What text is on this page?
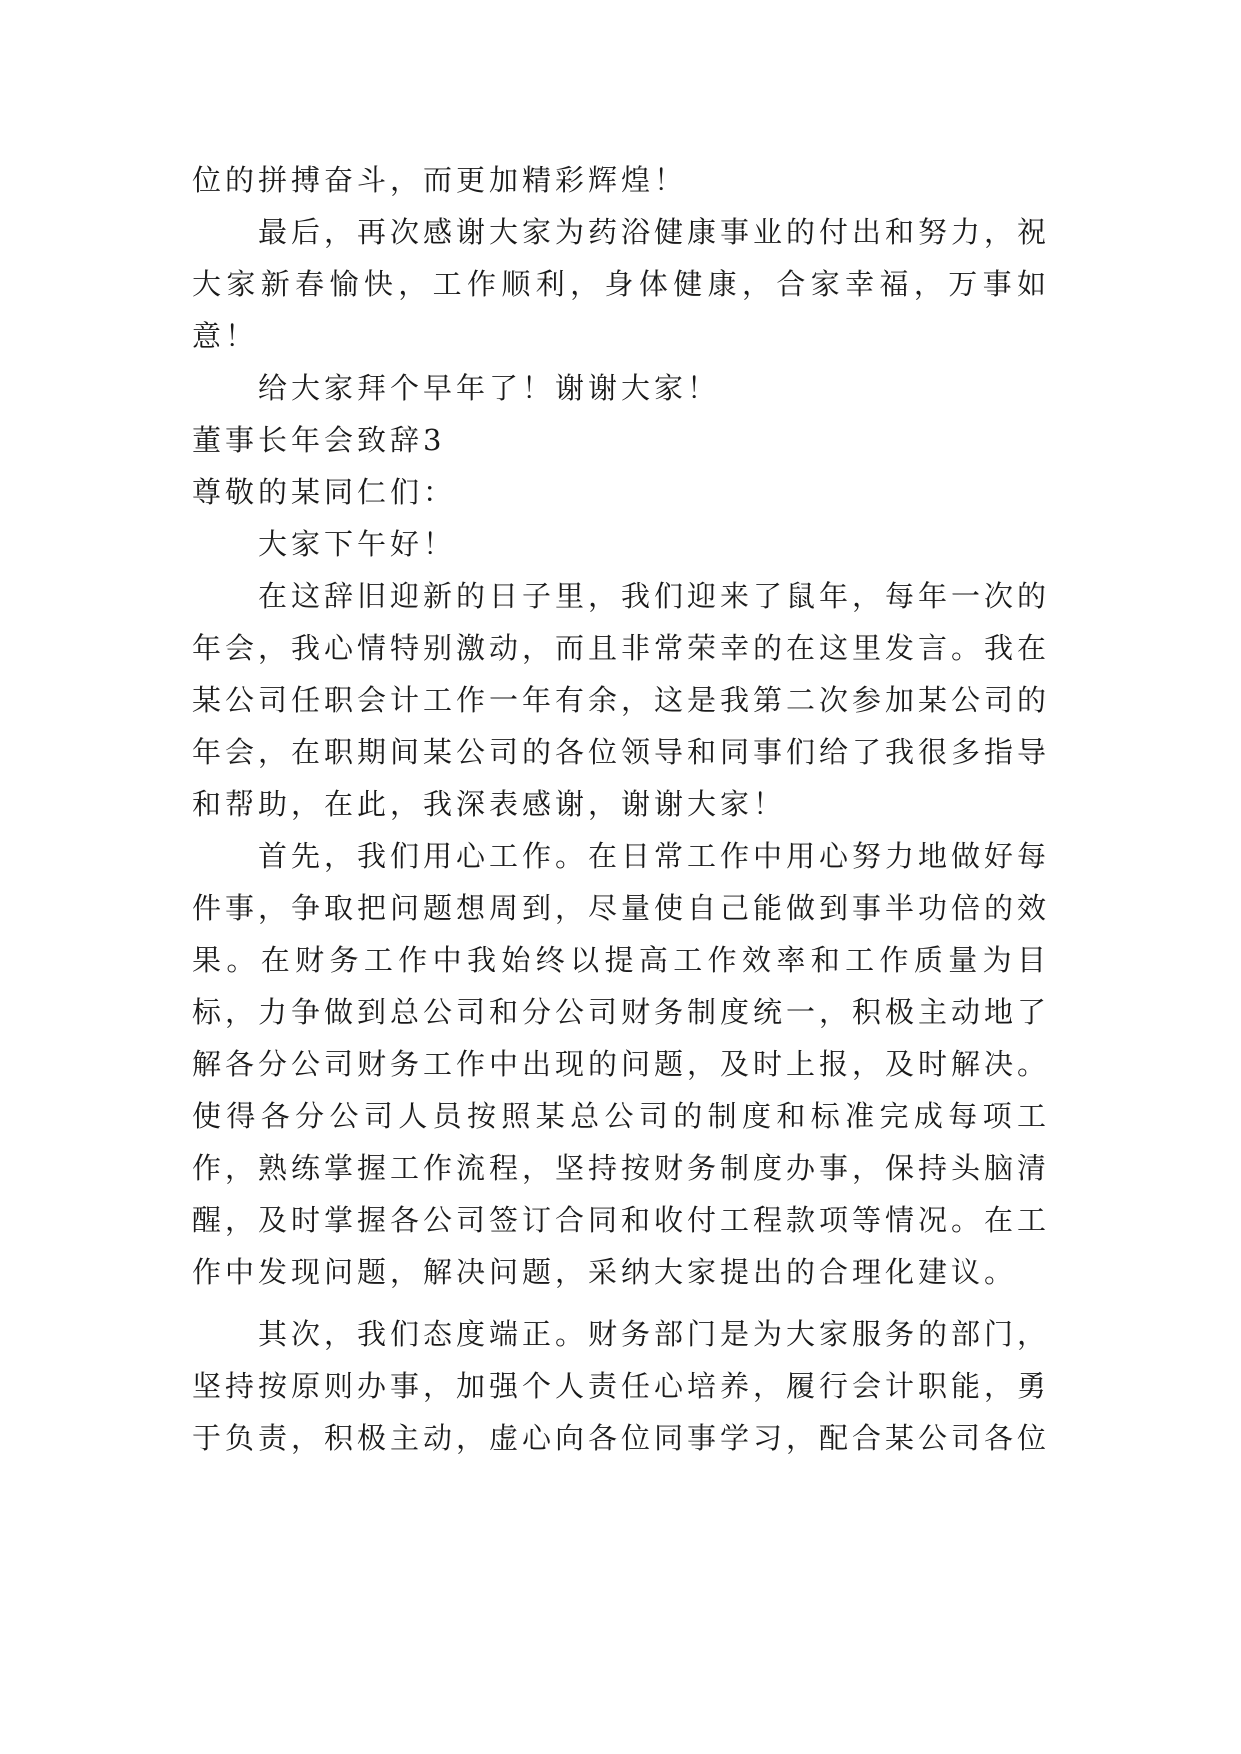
位的拼搏奋斗，而更加精彩辉煌！

最后，再次感谢大家为药浴健康事业的付出和努力，祝大家新春愉快，工作顺利，身体健康，合家幸福，万事如意！

给大家拜个早年了！谢谢大家！

董事长年会致辞3

尊敬的某同仁们：

大家下午好！

在这辞旧迎新的日子里，我们迎来了鼠年，每年一次的年会，我心情特别激动，而且非常荣幸的在这里发言。我在某公司任职会计工作一年有余，这是我第二次参加某公司的年会，在职期间某公司的各位领导和同事们给了我很多指导和帮助，在此，我深表感谢，谢谢大家！

首先，我们用心工作。在日常工作中用心努力地做好每件事，争取把问题想周到，尽量使自己能做到事半功倍的效果。在财务工作中我始终以提高工作效率和工作质量为目标，力争做到总公司和分公司财务制度统一，积极主动地了解各分公司财务工作中出现的问题，及时上报，及时解决。使得各分公司人员按照某总公司的制度和标准完成每项工作，熟练掌握工作流程，坚持按财务制度办事，保持头脑清醒，及时掌握各公司签订合同和收付工程款项等情况。在工作中发现问题，解决问题，采纳大家提出的合理化建议。

其次，我们态度端正。财务部门是为大家服务的部门，坚持按原则办事，加强个人责任心培养，履行会计职能，勇于负责，积极主动，虚心向各位同事学习，配合某公司各位
